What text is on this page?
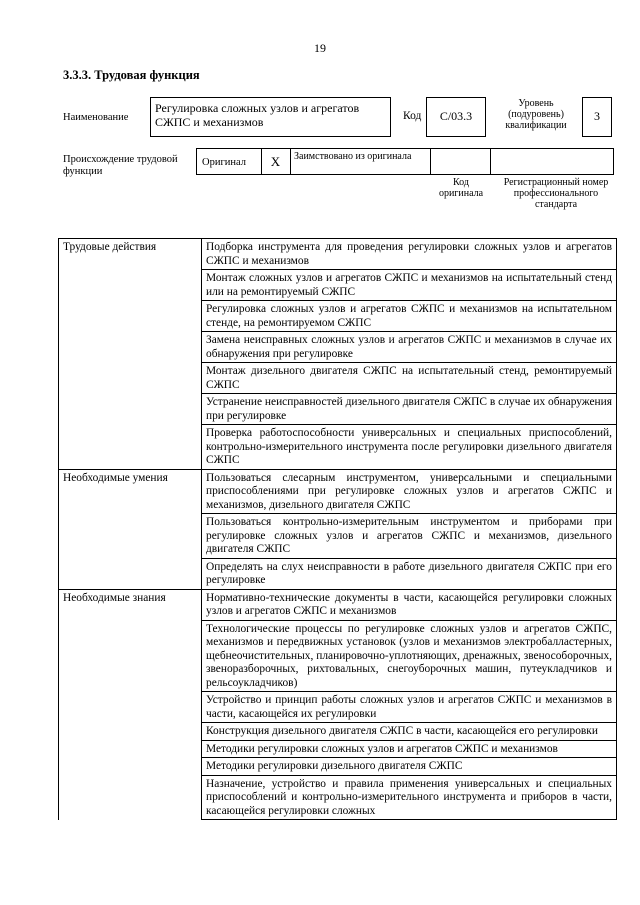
19
3.3.3. Трудовая функция
Наименование
Регулировка сложных узлов и агрегатов СЖПС и механизмов	Код	C/03.3
Уровень (подуровень) квалификации
3
Происхождение трудовой функции
Оригинал	X	Заимствовано из оригинала
Код оригинала
Регистрационный номер профессионального стандарта
Трудовые действия	Подборка инструмента для проведения регулировки сложных узлов и агрегатов СЖПС и механизмов
	Монтаж сложных узлов и агрегатов СЖПС и механизмов на испытательный стенд или на ремонтируемый СЖПС
	Регулировка сложных узлов и агрегатов СЖПС и механизмов на испытательном стенде, на ремонтируемом СЖПС
	Замена неисправных сложных узлов и агрегатов СЖПС и механизмов в случае их обнаружения при регулировке
	Монтаж дизельного двигателя СЖПС на испытательный стенд, ремонтируемый СЖПС
	Устранение неисправностей дизельного двигателя СЖПС в случае их обнаружения при регулировке
	Проверка работоспособности универсальных и специальных приспособлений, контрольно-измерительного инструмента после регулировки дизельного двигателя СЖПС
Необходимые умения	Пользоваться слесарным инструментом, универсальными и специальными приспособлениями при регулировке сложных узлов и агрегатов СЖПС и механизмов, дизельного двигателя СЖПС
	Пользоваться контрольно-измерительным инструментом и приборами при регулировке сложных узлов и агрегатов СЖПС и механизмов, дизельного двигателя СЖПС
	Определять на слух неисправности в работе дизельного двигателя СЖПС при его регулировке
Необходимые знания	Нормативно-технические документы в части, касающейся регулировки сложных узлов и агрегатов СЖПС и механизмов
	Технологические процессы по регулировке сложных узлов и агрегатов СЖПС, механизмов и передвижных установок (узлов и механизмов электробалластерных, щебнеочистительных, планировочно-уплотняющих, дренажных, звенособорочных, звеноразборочных, рихтовальных, снегоуборочных машин, путеукладчиков и рельсоукладчиков)
	Устройство и принцип работы сложных узлов и агрегатов СЖПС и механизмов в части, касающейся их регулировки
	Конструкция дизельного двигателя СЖПС в части, касающейся его регулировки
	Методики регулировки сложных узлов и агрегатов СЖПС и механизмов
	Методики регулировки дизельного двигателя СЖПС
	Назначение, устройство и правила применения универсальных и специальных приспособлений и контрольно-измерительного инструмента и приборов в части, касающейся регулировки сложных
